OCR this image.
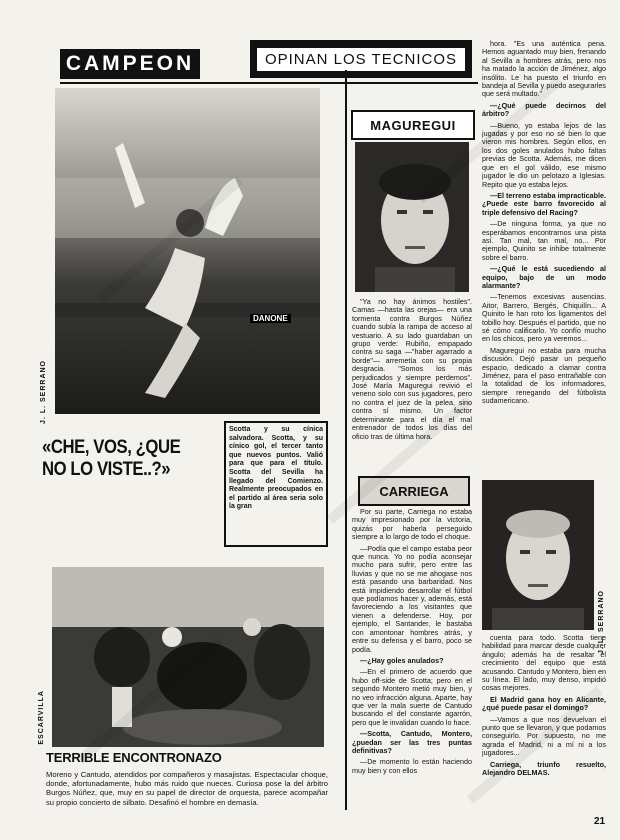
CAMPEON	OPINAN LOS TECNICOS
DANONE
J. L. SERRANO
«CHE, VOS, ¿QUE NO LO VISTE..?»
Scotta y su cínica salvadora. Scotta, y su cínico gol, el tercer tanto que nuevos puntos. Valió para que para el título. Scotta del Sevilla ha llegado del Comienzo. Realmente preocupados en el partido al área seria solo la gran
ESCARVILLA
TERRIBLE ENCONTRONAZO
Moreno y Cantudo, atendidos por compañeros y masajistas. Espectacular choque, donde, afortunadamente, hubo más ruido que nueces. Curiosa pose la del árbitro Burgos Núñez, que, muy en su papel de director de orquesta, parece acompañar su propio concierto de silbato. Desafinó el hombre en demasía.
MAGUREGUI

"Ya no hay ánimos hostiles". Camas —hasta las orejas— era una tormenta contra Burgos Núñez cuando subía la rampa de acceso al vestuario. A su lado guardaban un grupo verde: Rubiño, empapado contra su saga —"haber agarrado a borde"— arremetía con su propia desgracia. "Somos los más perjudicados y siempre perdemos". José María Maguregui revivió el veneno solo con sus jugadores, pero no contra el juez de la pelea, sino contra sí mismo. Un factor determinante para el día el mal entrenador de todos los días del oficio tras de última hora.

CARRIEGA

Por su parte, Carriega no estaba muy impresionado por la victoria, quizás por haberla perseguido siempre a lo largo de todo el choque.

—Podía que el campo estaba peor que nunca. Yo no podía aconsejar mucho para sufrir, pero entre las lluvias y que no se me ahogase nos está pasando una barbaridad. Nos está impidiendo desarrollar el fútbol que podíamos hacer y, además, está favoreciendo a los visitantes que vienen a defenderse. Hoy, por ejemplo, el Santander, le bastaba con amontonar hombres atrás, y entre su defensa y el barro, poco se podía.

—¿Hay goles anulados?

—En el primero de acuerdo que hubo off-side de Scotta; pero en el segundo Montero metió muy bien, y no veo infracción alguna. Aparte, hay que ver la mala suerte de Cantudo buscando el del constante agarrón, pero que le invalidan cuando lo hace.

—Scotta, Cantudo, Montero, ¿puedan ser las tres puntas definitivas?

—De momento lo están haciendo muy bien y con ellos

hora. "Es una auténtica pena. Hemos aguantado muy bien, frenando al Sevilla a hombres atrás, pero nos ha matado la acción de Jiménez, algo insólito. Le ha puesto el triunfo en bandeja al Sevilla y puedo asegurarles que será multado."

—¿Qué puede decirnos del árbitro?

—Bueno, yo estaba lejos de las jugadas y por eso no sé bien lo que vieron mis hombres. Según ellos, en los dos goles anulados hubo faltas previas de Scotta. Además, me dicen que en el gol válido, ese mismo jugador le dio un pelotazo a Iglesias. Repito que yo estaba lejos.

—El terreno estaba impracticable. ¿Puede este barro favorecido al triple defensivo del Racing?

—De ninguna forma, ya que no esperábamos encontrarnos una pista así. Tan mal, tan mal, no... Por ejemplo, Quinito se inhibe totalmente sobre el barro.

—¿Qué le está sucediendo al equipo, bajo de un modo alarmante?

—Tenemos excesivas ausencias. Aitor, Barrero, Bergés, Chiquilín... A Quinito le han roto los ligamentos del tobillo hoy. Después el partido, que no sé cómo calificarlo. Yo confío mucho en los chicos, pero ya veremos...

Maguregui no estaba para mucha discusión. Dejó pasar un pequeño espacio, dedicado a clamar contra Jiménez, para el paso entrañable con la totalidad de los informadores, siempre renegando del fútbolista sudamericano.

J. L. SERRANO

cuenta para todo. Scotta tiene habilidad para marcar desde cualquier ángulo; además ha de resaltar el crecimiento del equipo que está acusando. Cantudo y Montero, bien en su línea. El lado, muy denso, impidió cosas mejores.

El Madrid gana hoy en Alicante, ¿qué puede pasar el domingo?

—Vamos a que nos devuelvan el punto que se llevaron, y que podamos conseguirlo. Por supuesto, no me agrada el Madrid, ni a mí ni a los jugadores...

Carriega, triunfo resuelto, Alejandro DELMAS.

21
